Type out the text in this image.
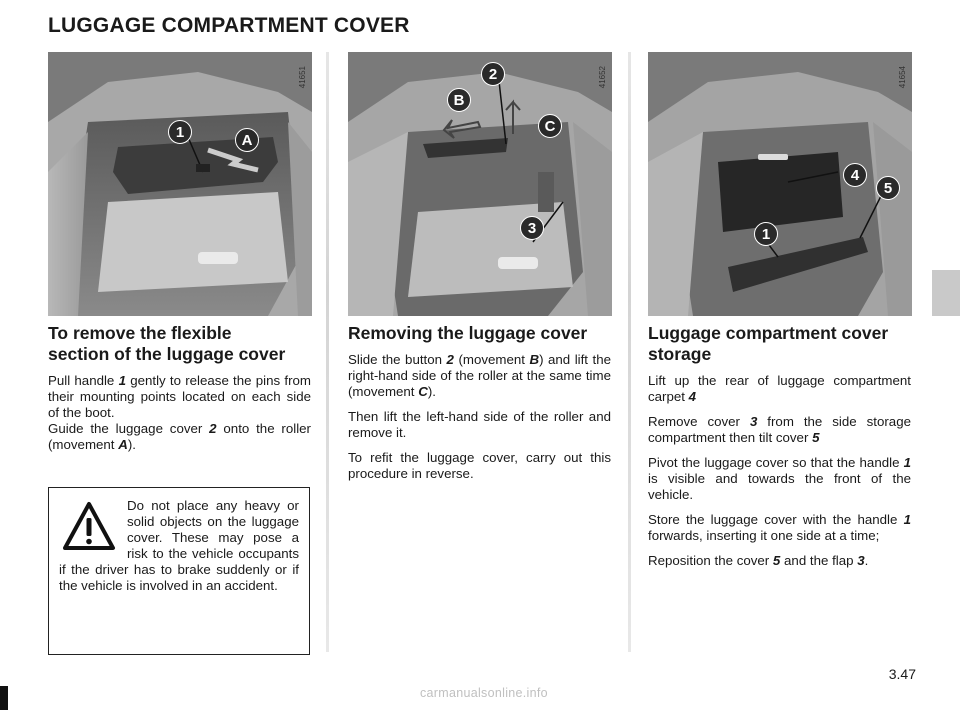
LUGGAGE COMPARTMENT COVER
41651
1	A
41652
2
B
C
3
41654
4
5
1
To remove the flexible
section of the luggage cover

Pull handle 1 gently to release the pins from their mounting points located on each side of the boot.
Guide the luggage cover 2 onto the roller (movement A).

Removing the luggage cover

Slide the button 2 (movement B) and lift the right-hand side of the roller at the same time (movement C).

Then lift the left-hand side of the roller and remove it.

To refit the luggage cover, carry out this procedure in reverse.

Luggage compartment cover
storage

Lift up the rear of luggage compartment carpet 4

Remove cover 3 from the side storage compartment then tilt cover 5

Pivot the luggage cover so that the handle 1 is visible and towards the front of the vehicle.

Store the luggage cover with the handle 1 forwards, inserting it one side at a time;

Reposition the cover 5 and the flap 3.

Do not place any heavy or solid objects on the luggage cover. These may pose a risk to the vehicle occupants if the driver has to brake suddenly or if the vehicle is involved in an accident.

3.47
carmanualsonline.info
